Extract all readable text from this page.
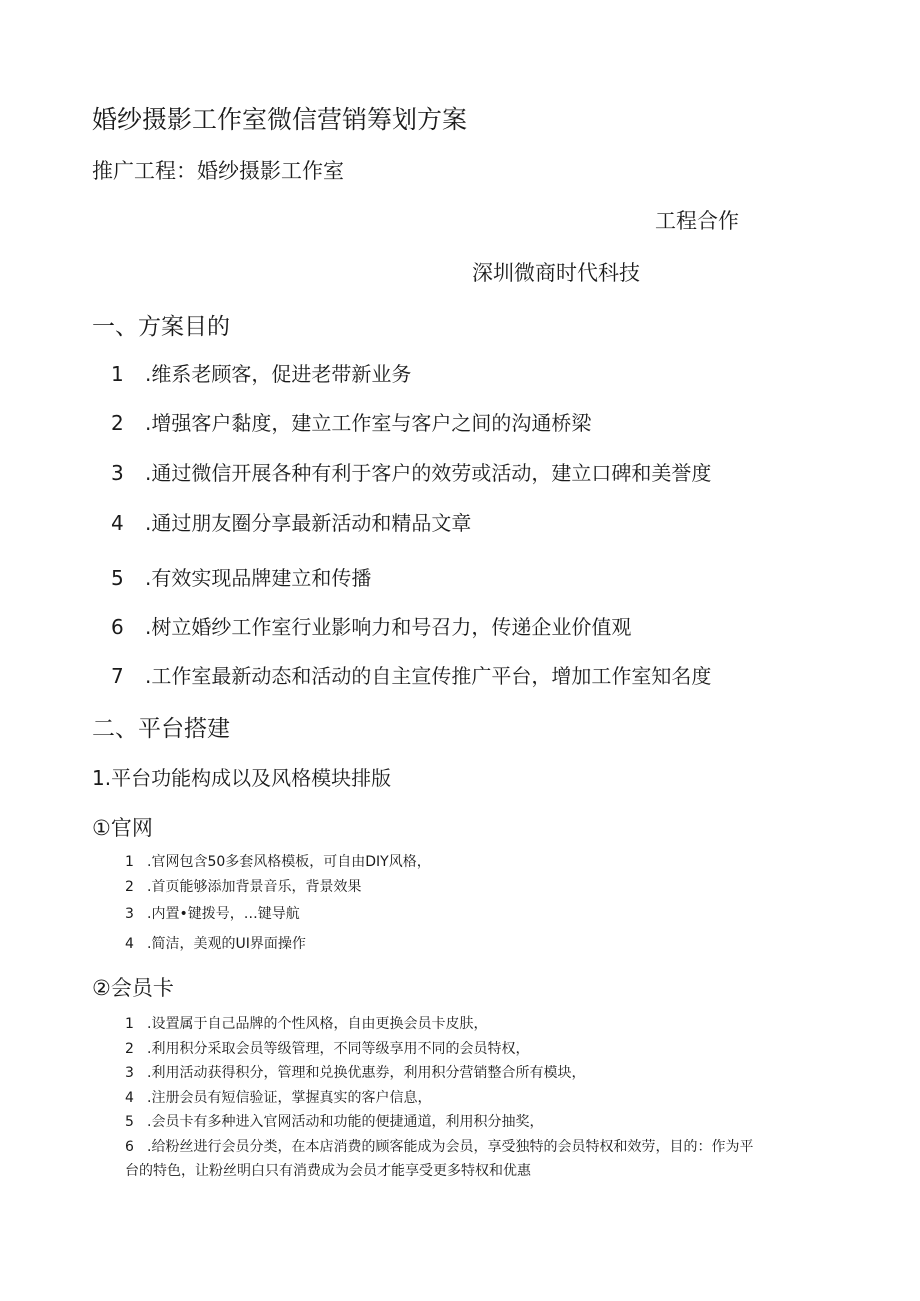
婚纱摄影工作室微信营销筹划方案
推广工程：婚纱摄影工作室
工程合作
深圳微商时代科技
一、方案目的
1 .维系老顾客，促进老带新业务
2 .增强客户黏度，建立工作室与客户之间的沟通桥梁
3 .通过微信开展各种有利于客户的效劳或活动，建立口碑和美誉度
4 .通过朋友圈分享最新活动和精品文章
5 .有效实现品牌建立和传播
6 .树立婚纱工作室行业影响力和号召力，传递企业价值观
7 .工作室最新动态和活动的自主宣传推广平台，增加工作室知名度
二、平台搭建
1.平台功能构成以及风格模块排版
①官网
1 .官网包含50多套风格模板，可自由DIY风格，
2 .首页能够添加背景音乐，背景效果
3 .内置•键拨号，…键导航
4 .简洁，美观的UI界面操作
②会员卡
1 .设置属于自己品牌的个性风格，自由更换会员卡皮肤，
2 .利用积分采取会员等级管理，不同等级享用不同的会员特权，
3 .利用活动获得积分，管理和兑换优惠券，利用积分营销整合所有模块，
4 .注册会员有短信验证，掌握真实的客户信息，
5 .会员卡有多种进入官网活动和功能的便捷通道，利用积分抽奖，
6 .给粉丝进行会员分类，在本店消费的顾客能成为会员，享受独特的会员特权和效劳，目的：作为平
台的特色，让粉丝明白只有消费成为会员才能享受更多特权和优惠
